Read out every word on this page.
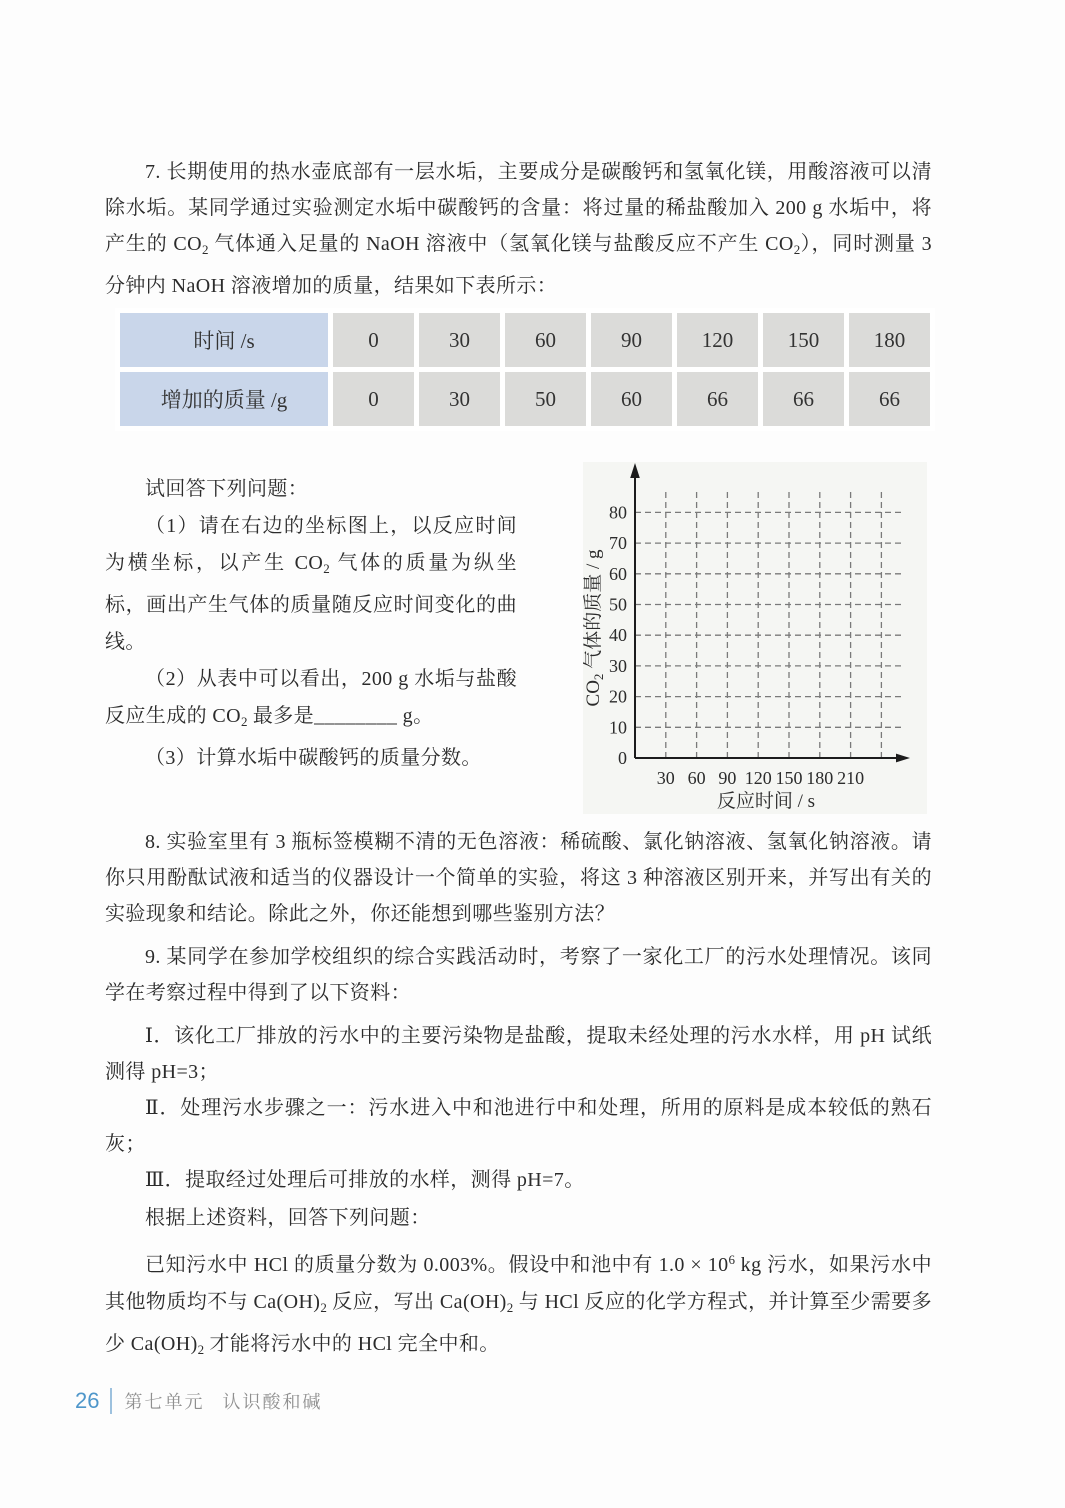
7. 长期使用的热水壶底部有一层水垢，主要成分是碳酸钙和氢氧化镁，用酸溶液可以清除水垢。某同学通过实验测定水垢中碳酸钙的含量：将过量的稀盐酸加入 200 g 水垢中，将产生的 $CO_2$ 气体通入足量的 NaOH 溶液中（氢氧化镁与盐酸反应不产生 $CO_2$），同时测量 3 分钟内 NaOH 溶液增加的质量，结果如下表所示：
时间 /s	0	30	60	90	120	150	180
增加的质量 /g	0	30	50	60	66	66	66

试回答下列问题：

（1）请在右边的坐标图上，以反应时间为横坐标，以产生 $CO_2$ 气体的质量为纵坐标，画出产生气体的质量随反应时间变化的曲线。

（2）从表中可以看出，200 g 水垢与盐酸反应生成的 $CO_2$ 最多是________ g。

（3）计算水垢中碳酸钙的质量分数。	0
10
20
30
40
50
60
70
80
30 60 90 120 150 180 210
反应时间 / s
$CO_2$ 气体的质量 / g
8. 实验室里有 3 瓶标签模糊不清的无色溶液：稀硫酸、氯化钠溶液、氢氧化钠溶液。请你只用酚酞试液和适当的仪器设计一个简单的实验，将这 3 种溶液区别开来，并写出有关的实验现象和结论。除此之外，你还能想到哪些鉴别方法？
9. 某同学在参加学校组织的综合实践活动时，考察了一家化工厂的污水处理情况。该同学在考察过程中得到了以下资料：
Ⅰ．该化工厂排放的污水中的主要污染物是盐酸，提取未经处理的污水水样，用 pH 试纸测得 pH=3；
Ⅱ．处理污水步骤之一：污水进入中和池进行中和处理，所用的原料是成本较低的熟石灰；
Ⅲ．提取经过处理后可排放的水样，测得 pH=7。
根据上述资料，回答下列问题：
已知污水中 HCl 的质量分数为 0.003%。假设中和池中有 $1.0 \times 10^6$ kg 污水，如果污水中其他物质均不与 $Ca(OH)_2$ 反应，写出 $Ca(OH)_2$ 与 HCl 反应的化学方程式，并计算至少需要多少 $Ca(OH)_2$ 才能将污水中的 HCl 完全中和。
26 第七单元 认识酸和碱
